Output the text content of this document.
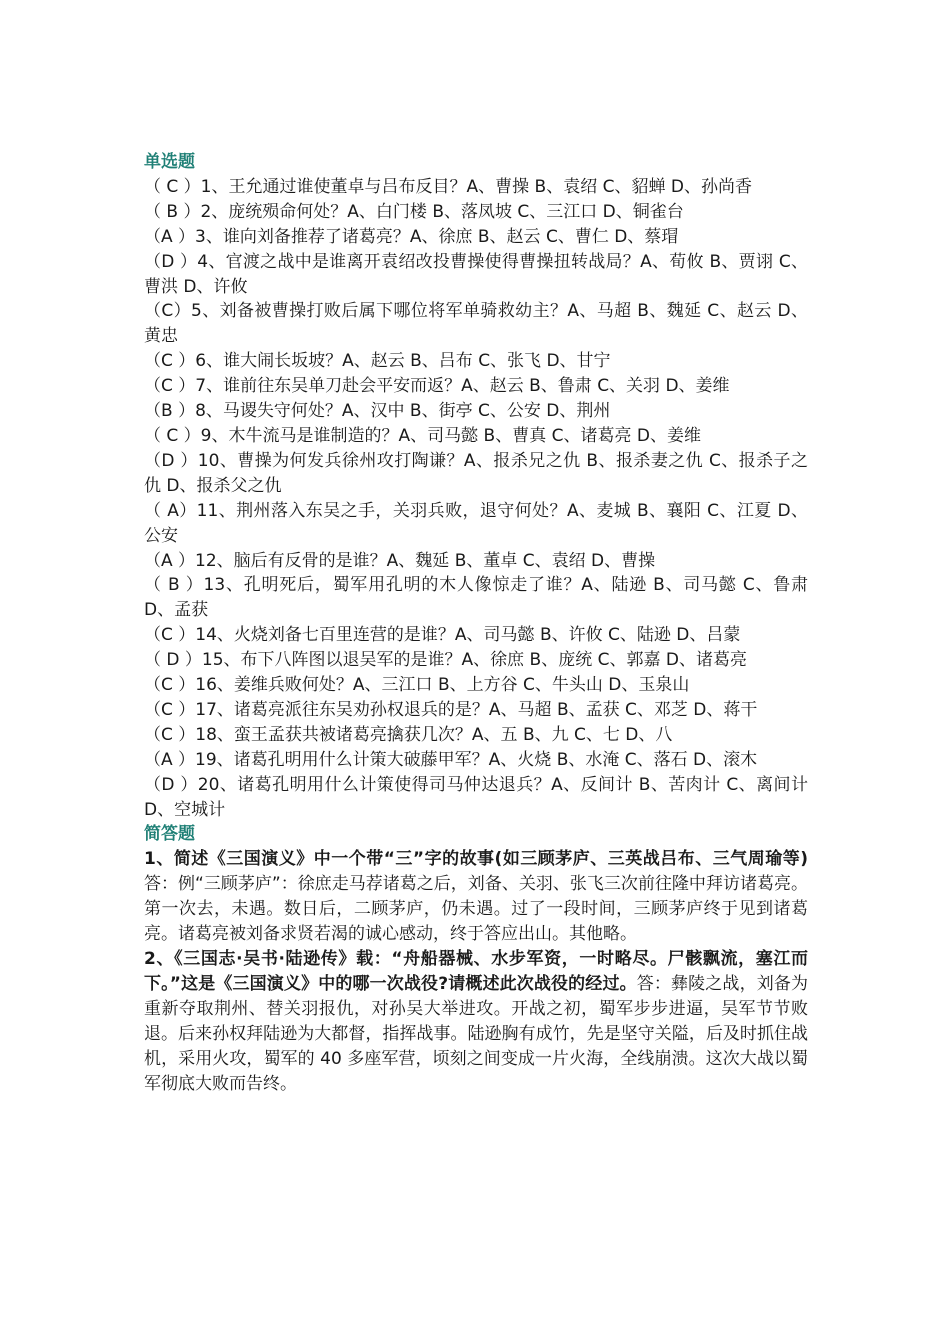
单选题

（ C ）1、王允通过谁使董卓与吕布反目？A、曹操 B、袁绍 C、貂蝉 D、孙尚香

（ B ）2、庞统殒命何处？A、白门楼 B、落凤坡 C、三江口 D、铜雀台

（A ）3、谁向刘备推荐了诸葛亮？A、徐庶 B、赵云 C、曹仁 D、蔡瑁

（D ）4、官渡之战中是谁离开袁绍改投曹操使得曹操扭转战局？A、荀攸 B、贾诩 C、曹洪 D、许攸

（C）5、刘备被曹操打败后属下哪位将军单骑救幼主？A、马超 B、魏延 C、赵云 D、黄忠

（C ）6、谁大闹长坂坡？A、赵云 B、吕布 C、张飞 D、甘宁

（C ）7、谁前往东吴单刀赴会平安而返？A、赵云 B、鲁肃 C、关羽 D、姜维

（B ）8、马谡失守何处？A、汉中 B、街亭 C、公安 D、荆州

（ C ）9、木牛流马是谁制造的？A、司马懿 B、曹真 C、诸葛亮 D、姜维

（D ）10、曹操为何发兵徐州攻打陶谦？A、报杀兄之仇 B、报杀妻之仇 C、报杀子之仇 D、报杀父之仇

（ A）11、荆州落入东吴之手，关羽兵败，退守何处？A、麦城 B、襄阳 C、江夏 D、公安

（A ）12、脑后有反骨的是谁？A、魏延 B、董卓 C、袁绍 D、曹操

（ B ）13、孔明死后，蜀军用孔明的木人像惊走了谁？A、陆逊 B、司马懿 C、鲁肃 D、孟获

（C ）14、火烧刘备七百里连营的是谁？A、司马懿 B、许攸 C、陆逊 D、吕蒙

（ D ）15、布下八阵图以退吴军的是谁？A、徐庶 B、庞统 C、郭嘉 D、诸葛亮

（C ）16、姜维兵败何处？A、三江口 B、上方谷 C、牛头山 D、玉泉山

（C ）17、诸葛亮派往东吴劝孙权退兵的是？A、马超 B、孟获 C、邓芝 D、蒋干

（C ）18、蛮王孟获共被诸葛亮擒获几次？A、五 B、九 C、七 D、八

（A ）19、诸葛孔明用什么计策大破藤甲军？A、火烧 B、水淹 C、落石 D、滚木

（D ）20、诸葛孔明用什么计策使得司马仲达退兵？A、反间计 B、苦肉计 C、离间计 D、空城计

简答题

1、简述《三国演义》中一个带“三”字的故事(如三顾茅庐、三英战吕布、三气周瑜等)答：例“三顾茅庐”：徐庶走马荐诸葛之后，刘备、关羽、张飞三次前往隆中拜访诸葛亮。第一次去，未遇。数日后，二顾茅庐，仍未遇。过了一段时间，三顾茅庐终于见到诸葛亮。诸葛亮被刘备求贤若渴的诚心感动，终于答应出山。其他略。

2、《三国志·吴书·陆逊传》载：“舟船器械、水步军资，一时略尽。尸骸飘流，塞江而下。”这是《三国演义》中的哪一次战役?请概述此次战役的经过。答：彝陵之战，刘备为重新夺取荆州、替关羽报仇，对孙吴大举进攻。开战之初，蜀军步步进逼，吴军节节败退。后来孙权拜陆逊为大都督，指挥战事。陆逊胸有成竹，先是坚守关隘，后及时抓住战机，采用火攻，蜀军的 40 多座军营，顷刻之间变成一片火海，全线崩溃。这次大战以蜀军彻底大败而告终。
